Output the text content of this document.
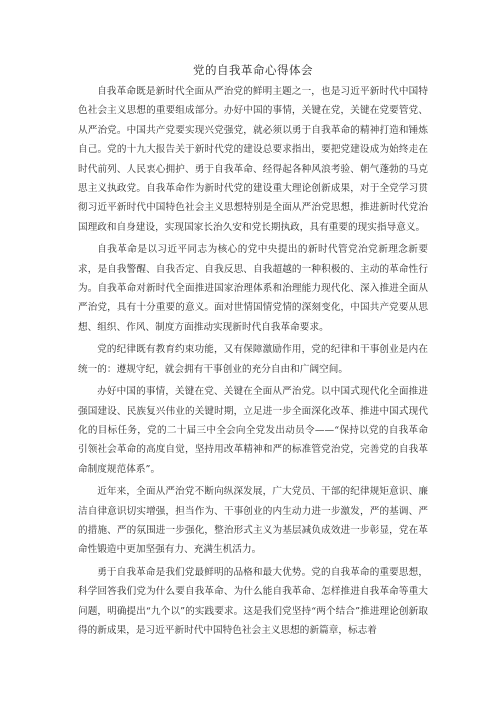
党的自我革命心得体会

自我革命既是新时代全面从严治党的鲜明主题之一，也是习近平新时代中国特色社会主义思想的重要组成部分。办好中国的事情，关键在党，关键在党要管党、从严治党。中国共产党要实现兴党强党，就必须以勇于自我革命的精神打造和锤炼自己。党的十九大报告关于新时代党的建设总要求指出，要把党建设成为始终走在时代前列、人民衷心拥护、勇于自我革命、经得起各种风浪考验、朝气蓬勃的马克思主义执政党。自我革命作为新时代党的建设重大理论创新成果，对于全党学习贯彻习近平新时代中国特色社会主义思想特别是全面从严治党思想，推进新时代党治国理政和自身建设，实现国家长治久安和党长期执政，具有重要的现实指导意义。

自我革命是以习近平同志为核心的党中央提出的新时代管党治党新理念新要求，是自我警醒、自我否定、自我反思、自我超越的一种积极的、主动的革命性行为。自我革命对新时代全面推进国家治理体系和治理能力现代化、深入推进全面从严治党，具有十分重要的意义。面对世情国情党情的深刻变化，中国共产党要从思想、组织、作风、制度方面推动实现新时代自我革命要求。

党的纪律既有教育约束功能，又有保障激励作用，党的纪律和干事创业是内在统一的：遵规守纪，就会拥有干事创业的充分自由和广阔空间。

办好中国的事情，关键在党、关键在全面从严治党。以中国式现代化全面推进强国建设、民族复兴伟业的关键时期，立足进一步全面深化改革、推进中国式现代化的目标任务，党的二十届三中全会向全党发出动员令——“保持以党的自我革命引领社会革命的高度自觉，坚持用改革精神和严的标准管党治党，完善党的自我革命制度规范体系”。

近年来，全面从严治党不断向纵深发展，广大党员、干部的纪律规矩意识、廉洁自律意识切实增强，担当作为、干事创业的内生动力进一步激发，严的基调、严的措施、严的氛围进一步强化，整治形式主义为基层减负成效进一步彰显，党在革命性锻造中更加坚强有力、充满生机活力。

勇于自我革命是我们党最鲜明的品格和最大优势。党的自我革命的重要思想，科学回答我们党为什么要自我革命、为什么能自我革命、怎样推进自我革命等重大问题，明确提出“九个以”的实践要求。这是我们党坚持“两个结合”推进理论创新取得的新成果，是习近平新时代中国特色社会主义思想的新篇章，标志着
